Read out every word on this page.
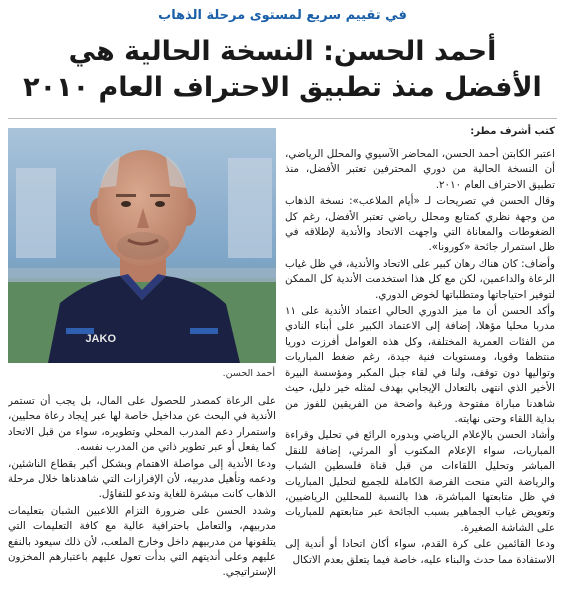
في تقييم سريع لمستوى مرحلة الذهاب
أحمد الحسن: النسخة الحالية هي
الأفضل منذ تطبيق الاحتراف العام ٢٠١٠
كتب أشرف مطر:

اعتبر الكابتن أحمد الحسن، المحاضر الآسيوي والمحلل الرياضي، أن النسخة الحالية من دوري المحترفين تعتبر الأفضل، منذ تطبيق الاحتراف العام ٢٠١٠.

وقال الحسن في تصريحات لـ «أيام الملاعب»: نسخة الذهاب من وجهة نظري كمتابع ومحلل رياضي تعتبر الأفضل، رغم كل الضغوطات والمعاناة التي واجهت الاتحاد والأندية لإطلاقه في ظل استمرار جائحة «كورونا».

وأضاف: كان هناك رهان كبير على الاتحاد والأندية، في ظل غياب الرعاة والداعمين، لكن مع كل هذا استخدمت الأندية كل الممكن لتوفير احتياجاتها ومتطلباتها لخوض الدوري.

وأكد الحسن أن ما ميز الدوري الحالي اعتماد الأندية على ١١ مدربا محليا مؤهلا، إضافة إلى الاعتماد الكبير على أبناء النادي من الفئات العمرية المختلفة، وكل هذه العوامل أفرزت دوريا منتظما وقويا، ومستويات فنية جيدة، رغم ضغط المباريات وتواليها دون توقف، ولنا في لقاء جبل المكبر ومؤسسة البيرة الأخير الذي انتهى بالتعادل الإيجابي بهدف لمثله خير دليل، حيث شاهدنا مباراة مفتوحة ورغبة واضحة من الفريقين للفوز من بداية اللقاء وحتى نهايته.

وأشاد الحسن بالإعلام الرياضي وبدوره الرائع في تحليل وقراءة المباريات، سواء الإعلام المكتوب أو المرئي، إضافة للنقل المباشر وتحليل اللقاءات من قبل قناة فلسطين الشباب والرياضة التي منحت الفرصة الكاملة للجميع لتحليل المباريات في ظل متابعتها المباشرة، هذا بالنسبة للمحللين الرياضيين، وتعويض غياب الجماهير بسبب الجائحة عبر متابعتهم للمباريات على الشاشة الصغيرة.

ودعا القائمين على كرة القدم، سواء أكان اتحادا أو أندية إلى الاستفادة مما حدث والبناء عليه، خاصة فيما يتعلق بعدم الاتكال

JAKO
أحمد الحسن.

على الرعاة كمصدر للحصول على المال، بل يجب أن تستمر الأندية في البحث عن مداخيل خاصة لها عبر إيجاد رعاة محليين، واستمرار دعم المدرب المحلي وتطويره، سواء من قبل الاتحاد كما يفعل أو عبر تطوير ذاتي من المدرب نفسه.

ودعا الأندية إلى مواصلة الاهتمام وبشكل أكبر بقطاع الناشئين، ودعمه وتأهيل مدربيه، لأن الإفرازات التي شاهدناها خلال مرحلة الذهاب كانت مبشرة للغاية وتدعو للتفاؤل.

وشدد الحسن على ضرورة التزام اللاعبين الشبان بتعليمات مدربيهم، والتعامل باحترافية عالية مع كافة التعليمات التي يتلقونها من مدربيهم داخل وخارج الملعب، لأن ذلك سيعود بالنفع عليهم وعلى أنديتهم التي بدأت تعول عليهم باعتبارهم المخزون الإستراتيجي.
